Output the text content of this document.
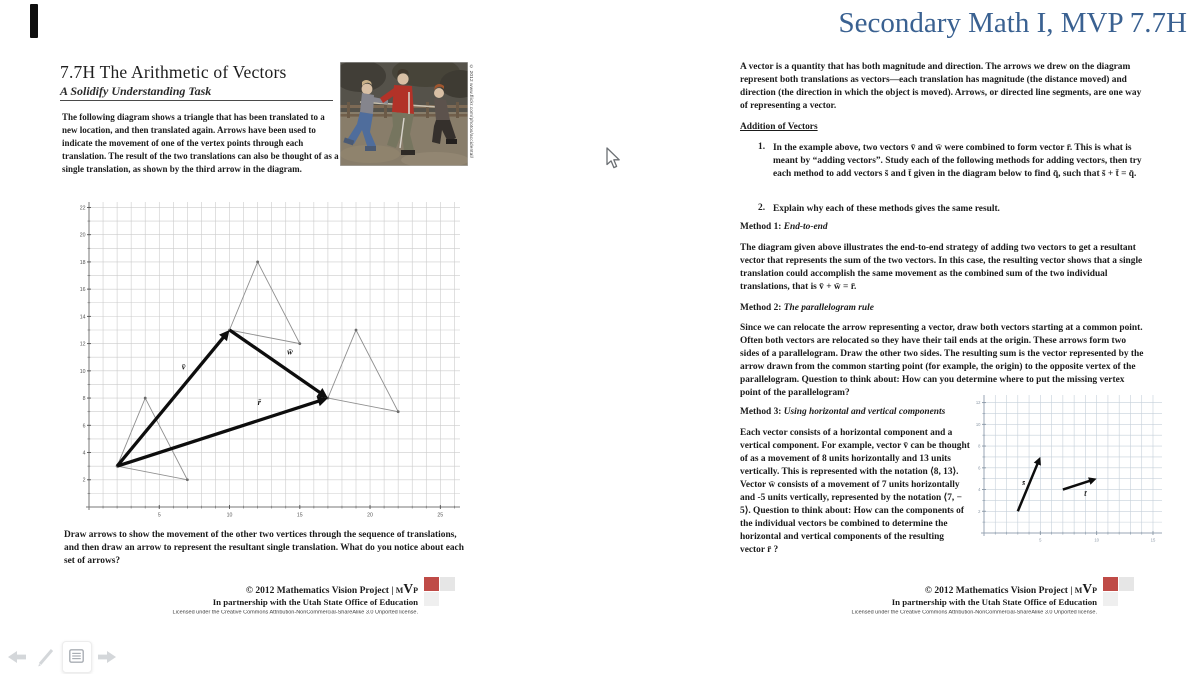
7.7H The Arithmetic of Vectors
A Solidify Understanding Task
The following diagram shows a triangle that has been translated to a new location, and then translated again. Arrows have been used to indicate the movement of one of the vertex points through each translation. The result of the two translations can also be thought of as a single translation, as shown by the third arrow in the diagram.
© 2012 www.flickr.com/photos/accidental/
5	10	15	20	25
2
4
6
8
10
12
14
16
18
20
22
v̄
w̄
r̄
Draw arrows to show the movement of the other two vertices through the sequence of translations, and then draw an arrow to represent the resultant single translation. What do you notice about each set of arrows?
© 2012 Mathematics Vision Project | MVP
In partnership with the Utah State Office of Education
Licensed under the Creative Commons Attribution-NonCommercial-ShareAlike 3.0 Unported license.
Secondary Math I, MVP 7.7H
A vector is a quantity that has both magnitude and direction. The arrows we drew on the diagram represent both translations as vectors—each translation has magnitude (the distance moved) and direction (the direction in which the object is moved). Arrows, or directed line segments, are one way of representing a vector.
Addition of Vectors
1. In the example above, two vectors v̄ and w̄ were combined to form vector r̄. This is what is meant by “adding vectors”. Study each of the following methods for adding vectors, then try each method to add vectors s̄ and t̄ given in the diagram below to find q̄, such that s̄ + t̄ = q̄.
2. Explain why each of these methods gives the same result.
Method 1: End-to-end
The diagram given above illustrates the end-to-end strategy of adding two vectors to get a resultant vector that represents the sum of the two vectors. In this case, the resulting vector shows that a single translation could accomplish the same movement as the combined sum of the two individual translations, that is v̄ + w̄ = r̄.
Method 2: The parallelogram rule
Since we can relocate the arrow representing a vector, draw both vectors starting at a common point. Often both vectors are relocated so they have their tail ends at the origin. These arrows form two sides of a parallelogram. Draw the other two sides. The resulting sum is the vector represented by the arrow drawn from the common starting point (for example, the origin) to the opposite vertex of the parallelogram. Question to think about: How can you determine where to put the missing vertex point of the parallelogram?
Method 3: Using horizontal and vertical components
Each vector consists of a horizontal component and a vertical component. For example, vector v̄ can be thought of as a movement of 8 units horizontally and 13 units vertically. This is represented with the notation ⟨8, 13⟩. Vector w̄ consists of a movement of 7 units horizontally and -5 units vertically, represented by the notation ⟨7, − 5⟩. Question to think about: How can the components of the individual vectors be combined to determine the horizontal and vertical components of the resulting vector r̄ ?
5	10	15
2
4
6
8
10
12
s̄
t̄
© 2012 Mathematics Vision Project | MVP
In partnership with the Utah State Office of Education
Licensed under the Creative Commons Attribution-NonCommercial-ShareAlike 3.0 Unported license.
